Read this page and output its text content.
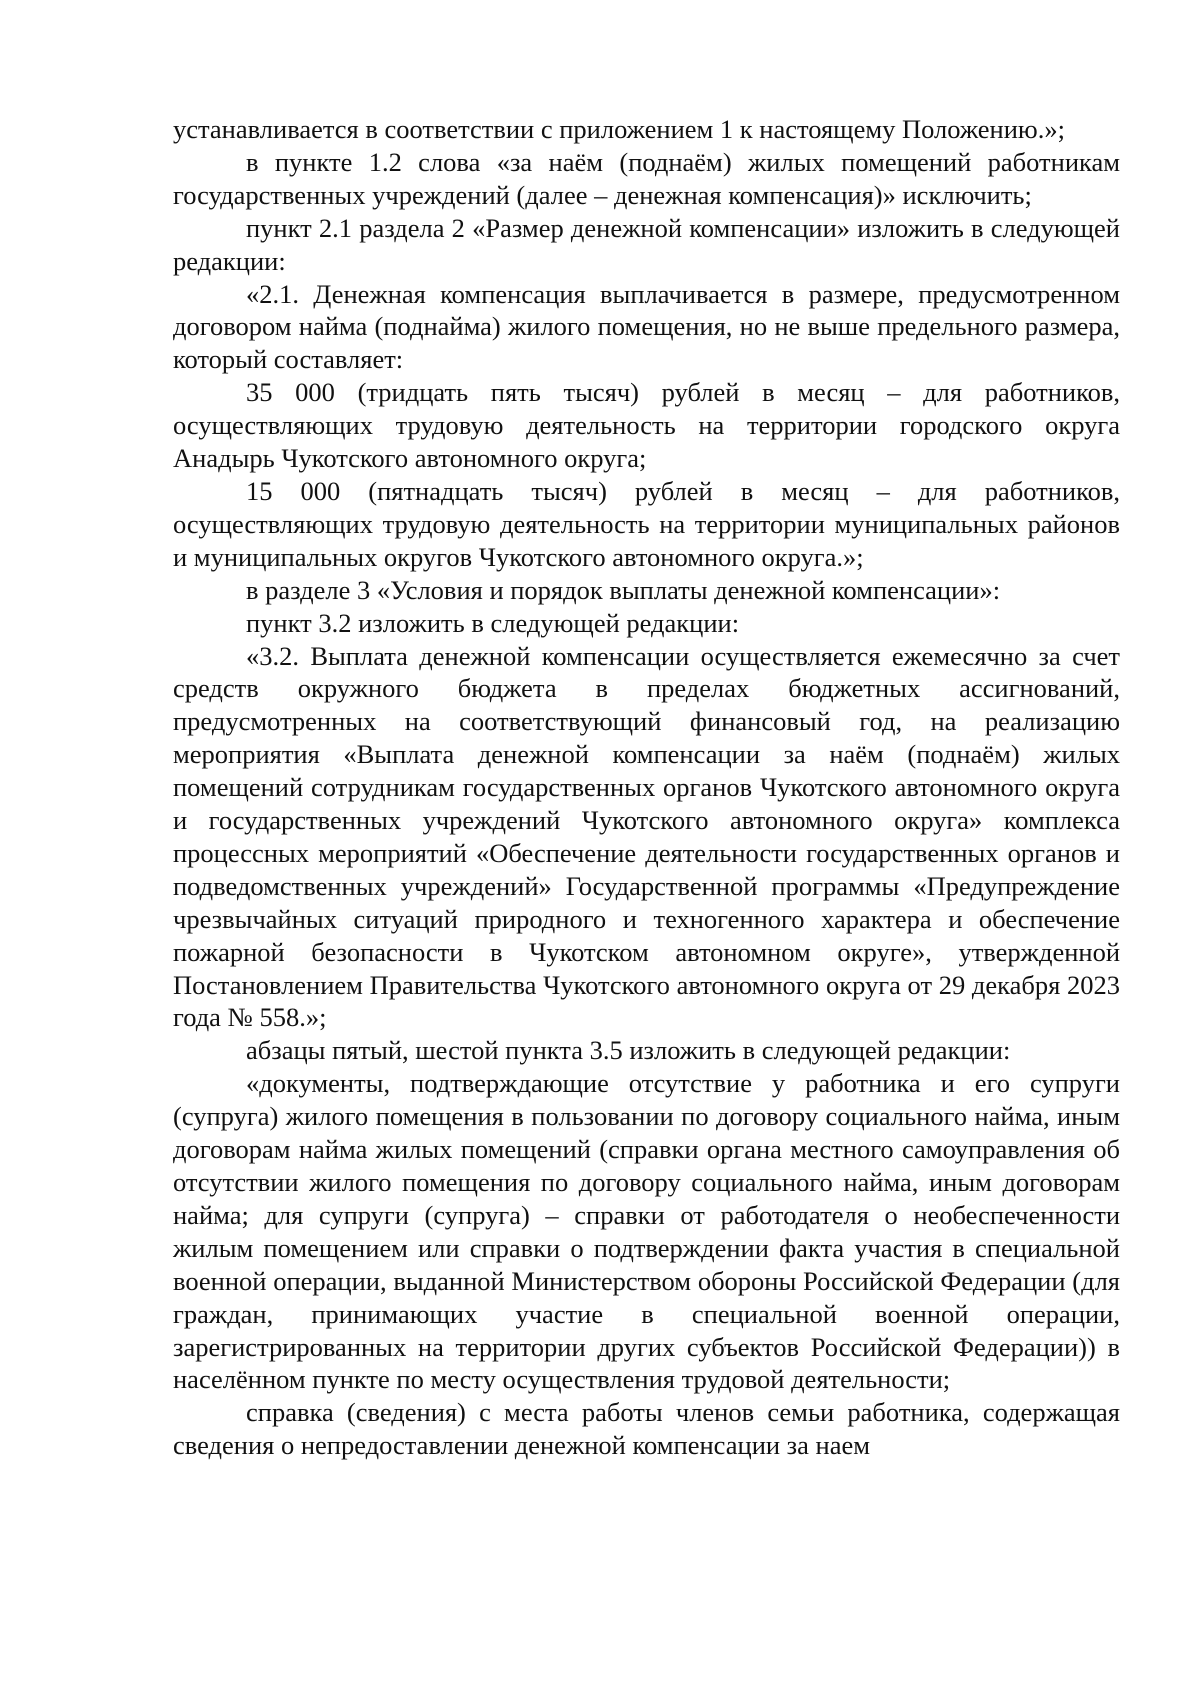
устанавливается в соответствии с приложением 1 к настоящему Положению.»;

в пункте 1.2 слова «за наём (поднаём) жилых помещений работникам государственных учреждений (далее – денежная компенсация)» исключить;

пункт 2.1 раздела 2 «Размер денежной компенсации» изложить в следующей редакции:

«2.1. Денежная компенсация выплачивается в размере, предусмотренном договором найма (поднайма) жилого помещения, но не выше предельного размера, который составляет:

35 000 (тридцать пять тысяч) рублей в месяц – для работников, осуществляющих трудовую деятельность на территории городского округа Анадырь Чукотского автономного округа;

15 000 (пятнадцать тысяч) рублей в месяц – для работников, осуществляющих трудовую деятельность на территории муниципальных районов и муниципальных округов Чукотского автономного округа.»;

в разделе 3 «Условия и порядок выплаты денежной компенсации»:

пункт 3.2 изложить в следующей редакции:

«3.2. Выплата денежной компенсации осуществляется ежемесячно за счет средств окружного бюджета в пределах бюджетных ассигнований, предусмотренных на соответствующий финансовый год, на реализацию мероприятия «Выплата денежной компенсации за наём (поднаём) жилых помещений сотрудникам государственных органов Чукотского автономного округа и государственных учреждений Чукотского автономного округа» комплекса процессных мероприятий «Обеспечение деятельности государственных органов и подведомственных учреждений» Государственной программы «Предупреждение чрезвычайных ситуаций природного и техногенного характера и обеспечение пожарной безопасности в Чукотском автономном округе», утвержденной Постановлением Правительства Чукотского автономного округа от 29 декабря 2023 года № 558.»;

абзацы пятый, шестой пункта 3.5 изложить в следующей редакции:

«документы, подтверждающие отсутствие у работника и его супруги (супруга) жилого помещения в пользовании по договору социального найма, иным договорам найма жилых помещений (справки органа местного самоуправления об отсутствии жилого помещения по договору социального найма, иным договорам найма; для супруги (супруга) – справки от работодателя о необеспеченности жилым помещением или справки о подтверждении факта участия в специальной военной операции, выданной Министерством обороны Российской Федерации (для граждан, принимающих участие в специальной военной операции, зарегистрированных на территории других субъектов Российской Федерации)) в населённом пункте по месту осуществления трудовой деятельности;

справка (сведения) с места работы членов семьи работника, содержащая сведения о непредоставлении денежной компенсации за наем
